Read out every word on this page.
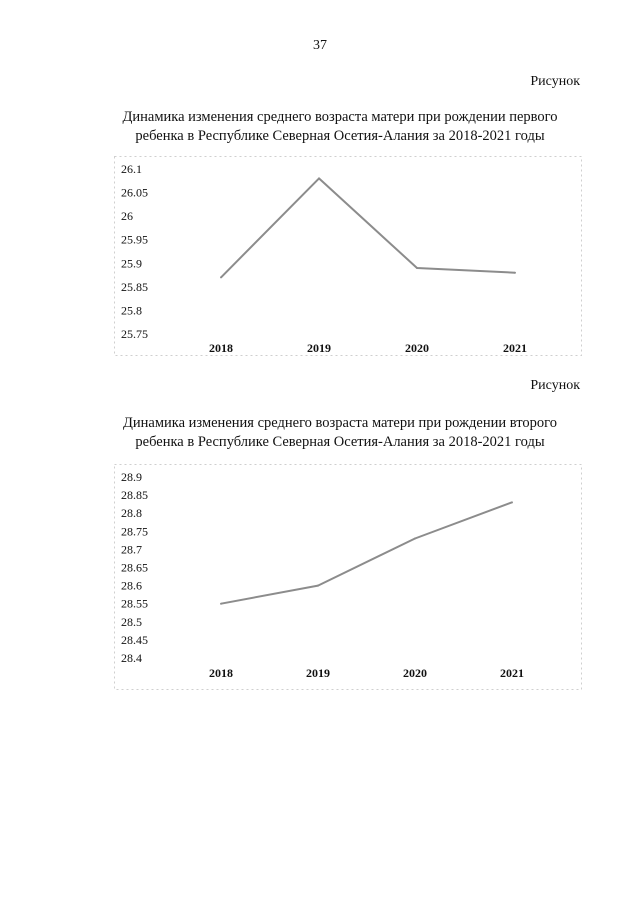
37
Рисунок
Динамика изменения среднего возраста матери при рождении первого
ребенка в Республике Северная Осетия-Алания за 2018-2021 годы
26.1
26.05
26
25.95
25.9
25.85
25.8
25.75
2018	2019	2020	2021
Рисунок
Динамика изменения среднего возраста матери при рождении второго
ребенка в Республике Северная Осетия-Алания за 2018-2021 годы
28.9
28.85
28.8
28.75
28.7
28.65
28.6
28.55
28.5
28.45
28.4
2018	2019	2020	2021
